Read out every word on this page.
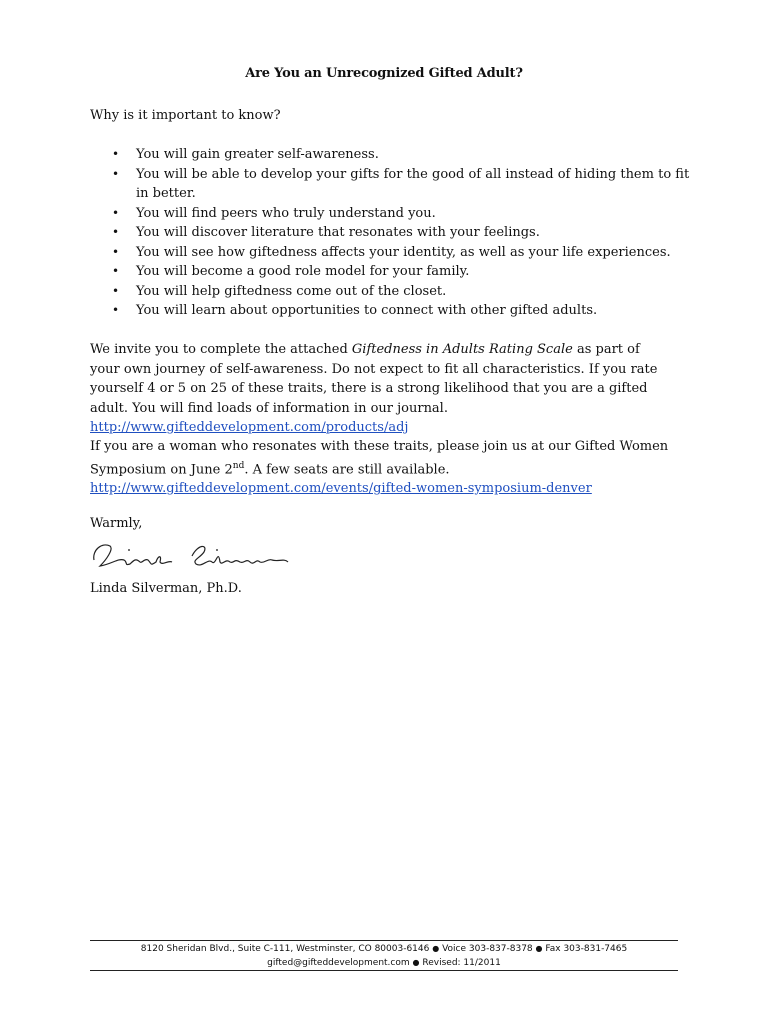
Are You an Unrecognized Gifted Adult?
Why is it important to know?
• You will gain greater self-awareness.
• You will be able to develop your gifts for the good of all instead of hiding them to fit in better.
• You will find peers who truly understand you.
• You will discover literature that resonates with your feelings.
• You will see how giftedness affects your identity, as well as your life experiences.
• You will become a good role model for your family.
• You will help giftedness come out of the closet.
• You will learn about opportunities to connect with other gifted adults.

We invite you to complete the attached Giftedness in Adults Rating Scale as part of your own journey of self-awareness. Do not expect to fit all characteristics. If you rate yourself 4 or 5 on 25 of these traits, there is a strong likelihood that you are a gifted adult. You will find loads of information in our journal. http://www.gifteddevelopment.com/products/adj

If you are a woman who resonates with these traits, please join us at our Gifted Women Symposium on June 2nd. A few seats are still available.
http://www.gifteddevelopment.com/events/gifted-women-symposium-denver

Warmly,
Linda Silverman, Ph.D.
8120 Sheridan Blvd., Suite C-111, Westminster, CO 80003-6146 ● Voice 303-837-8378 ● Fax 303-831-7465
gifted@gifteddevelopment.com ● Revised: 11/2011
